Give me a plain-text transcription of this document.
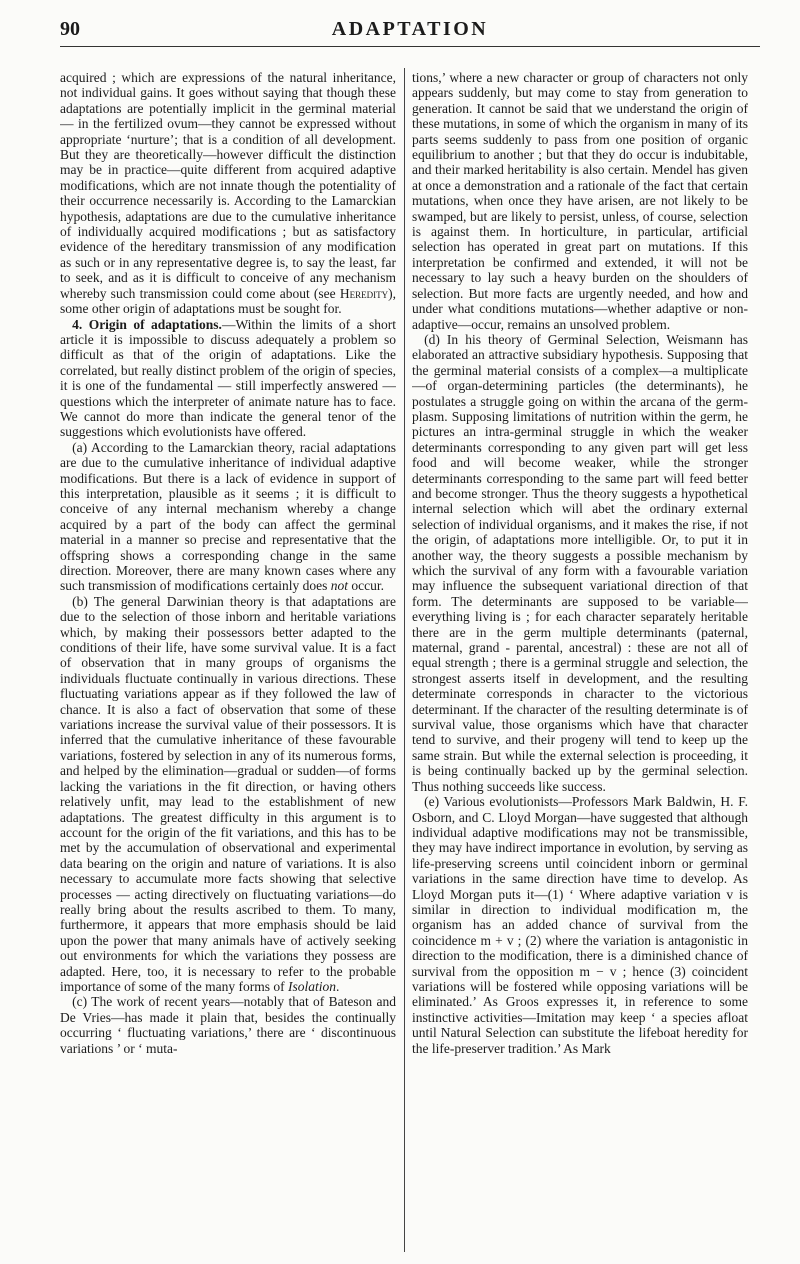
90	ADAPTATION

acquired ; which are expressions of the natural inheritance, not individual gains. It goes without saying that though these adaptations are potentially implicit in the germinal material — in the fertilized ovum—they cannot be expressed without appropriate ‘nurture’; that is a condition of all development. But they are theoretically—however difficult the distinction may be in practice—quite different from acquired adaptive modifications, which are not innate though the potentiality of their occurrence necessarily is. According to the Lamarckian hypothesis, adaptations are due to the cumulative inheritance of individually acquired modifications ; but as satisfactory evidence of the hereditary transmission of any modification as such or in any representative degree is, to say the least, far to seek, and as it is difficult to conceive of any mechanism whereby such transmission could come about (see Heredity), some other origin of adaptations must be sought for.

4. Origin of adaptations.—Within the limits of a short article it is impossible to discuss adequately a problem so difficult as that of the origin of adaptations. Like the correlated, but really distinct problem of the origin of species, it is one of the fundamental — still imperfectly answered — questions which the interpreter of animate nature has to face. We cannot do more than indicate the general tenor of the suggestions which evolutionists have offered.

(a) According to the Lamarckian theory, racial adaptations are due to the cumulative inheritance of individual adaptive modifications. But there is a lack of evidence in support of this interpretation, plausible as it seems ; it is difficult to conceive of any internal mechanism whereby a change acquired by a part of the body can affect the germinal material in a manner so precise and representative that the offspring shows a corresponding change in the same direction. Moreover, there are many known cases where any such transmission of modifications certainly does not occur.

(b) The general Darwinian theory is that adaptations are due to the selection of those inborn and heritable variations which, by making their possessors better adapted to the conditions of their life, have some survival value. It is a fact of observation that in many groups of organisms the individuals fluctuate continually in various directions. These fluctuating variations appear as if they followed the law of chance. It is also a fact of observation that some of these variations increase the survival value of their possessors. It is inferred that the cumulative inheritance of these favourable variations, fostered by selection in any of its numerous forms, and helped by the elimination—gradual or sudden—of forms lacking the variations in the fit direction, or having others relatively unfit, may lead to the establishment of new adaptations. The greatest difficulty in this argument is to account for the origin of the fit variations, and this has to be met by the accumulation of observational and experimental data bearing on the origin and nature of variations. It is also necessary to accumulate more facts showing that selective processes — acting directively on fluctuating variations—do really bring about the results ascribed to them. To many, furthermore, it appears that more emphasis should be laid upon the power that many animals have of actively seeking out environments for which the variations they possess are adapted. Here, too, it is necessary to refer to the probable importance of some of the many forms of Isolation.

(c) The work of recent years—notably that of Bateson and De Vries—has made it plain that, besides the continually occurring ‘ fluctuating variations,’ there are ‘ discontinuous variations ’ or ‘ muta-

tions,’ where a new character or group of characters not only appears suddenly, but may come to stay from generation to generation. It cannot be said that we understand the origin of these mutations, in some of which the organism in many of its parts seems suddenly to pass from one position of organic equilibrium to another ; but that they do occur is indubitable, and their marked heritability is also certain. Mendel has given at once a demonstration and a rationale of the fact that certain mutations, when once they have arisen, are not likely to be swamped, but are likely to persist, unless, of course, selection is against them. In horticulture, in particular, artificial selection has operated in great part on mutations. If this interpretation be confirmed and extended, it will not be necessary to lay such a heavy burden on the shoulders of selection. But more facts are urgently needed, and how and under what conditions mutations—whether adaptive or non-adaptive—occur, remains an unsolved problem.

(d) In his theory of Germinal Selection, Weismann has elaborated an attractive subsidiary hypothesis. Supposing that the germinal material consists of a complex—a multiplicate—of organ-determining particles (the determinants), he postulates a struggle going on within the arcana of the germ-plasm. Supposing limitations of nutrition within the germ, he pictures an intra-germinal struggle in which the weaker determinants corresponding to any given part will get less food and will become weaker, while the stronger determinants corresponding to the same part will feed better and become stronger. Thus the theory suggests a hypothetical internal selection which will abet the ordinary external selection of individual organisms, and it makes the rise, if not the origin, of adaptations more intelligible. Or, to put it in another way, the theory suggests a possible mechanism by which the survival of any form with a favourable variation may influence the subsequent variational direction of that form. The determinants are supposed to be variable—everything living is ; for each character separately heritable there are in the germ multiple determinants (paternal, maternal, grand - parental, ancestral) : these are not all of equal strength ; there is a germinal struggle and selection, the strongest asserts itself in development, and the resulting determinate corresponds in character to the victorious determinant. If the character of the resulting determinate is of survival value, those organisms which have that character tend to survive, and their progeny will tend to keep up the same strain. But while the external selection is proceeding, it is being continually backed up by the germinal selection. Thus nothing succeeds like success.

(e) Various evolutionists—Professors Mark Baldwin, H. F. Osborn, and C. Lloyd Morgan—have suggested that although individual adaptive modifications may not be transmissible, they may have indirect importance in evolution, by serving as life-preserving screens until coincident inborn or germinal variations in the same direction have time to develop. As Lloyd Morgan puts it—(1) ‘ Where adaptive variation v is similar in direction to individual modification m, the organism has an added chance of survival from the coincidence m + v ; (2) where the variation is antagonistic in direction to the modification, there is a diminished chance of survival from the opposition m − v ; hence (3) coincident variations will be fostered while opposing variations will be eliminated.’ As Groos expresses it, in reference to some instinctive activities—Imitation may keep ‘ a species afloat until Natural Selection can substitute the lifeboat heredity for the life-preserver tradition.’ As Mark
